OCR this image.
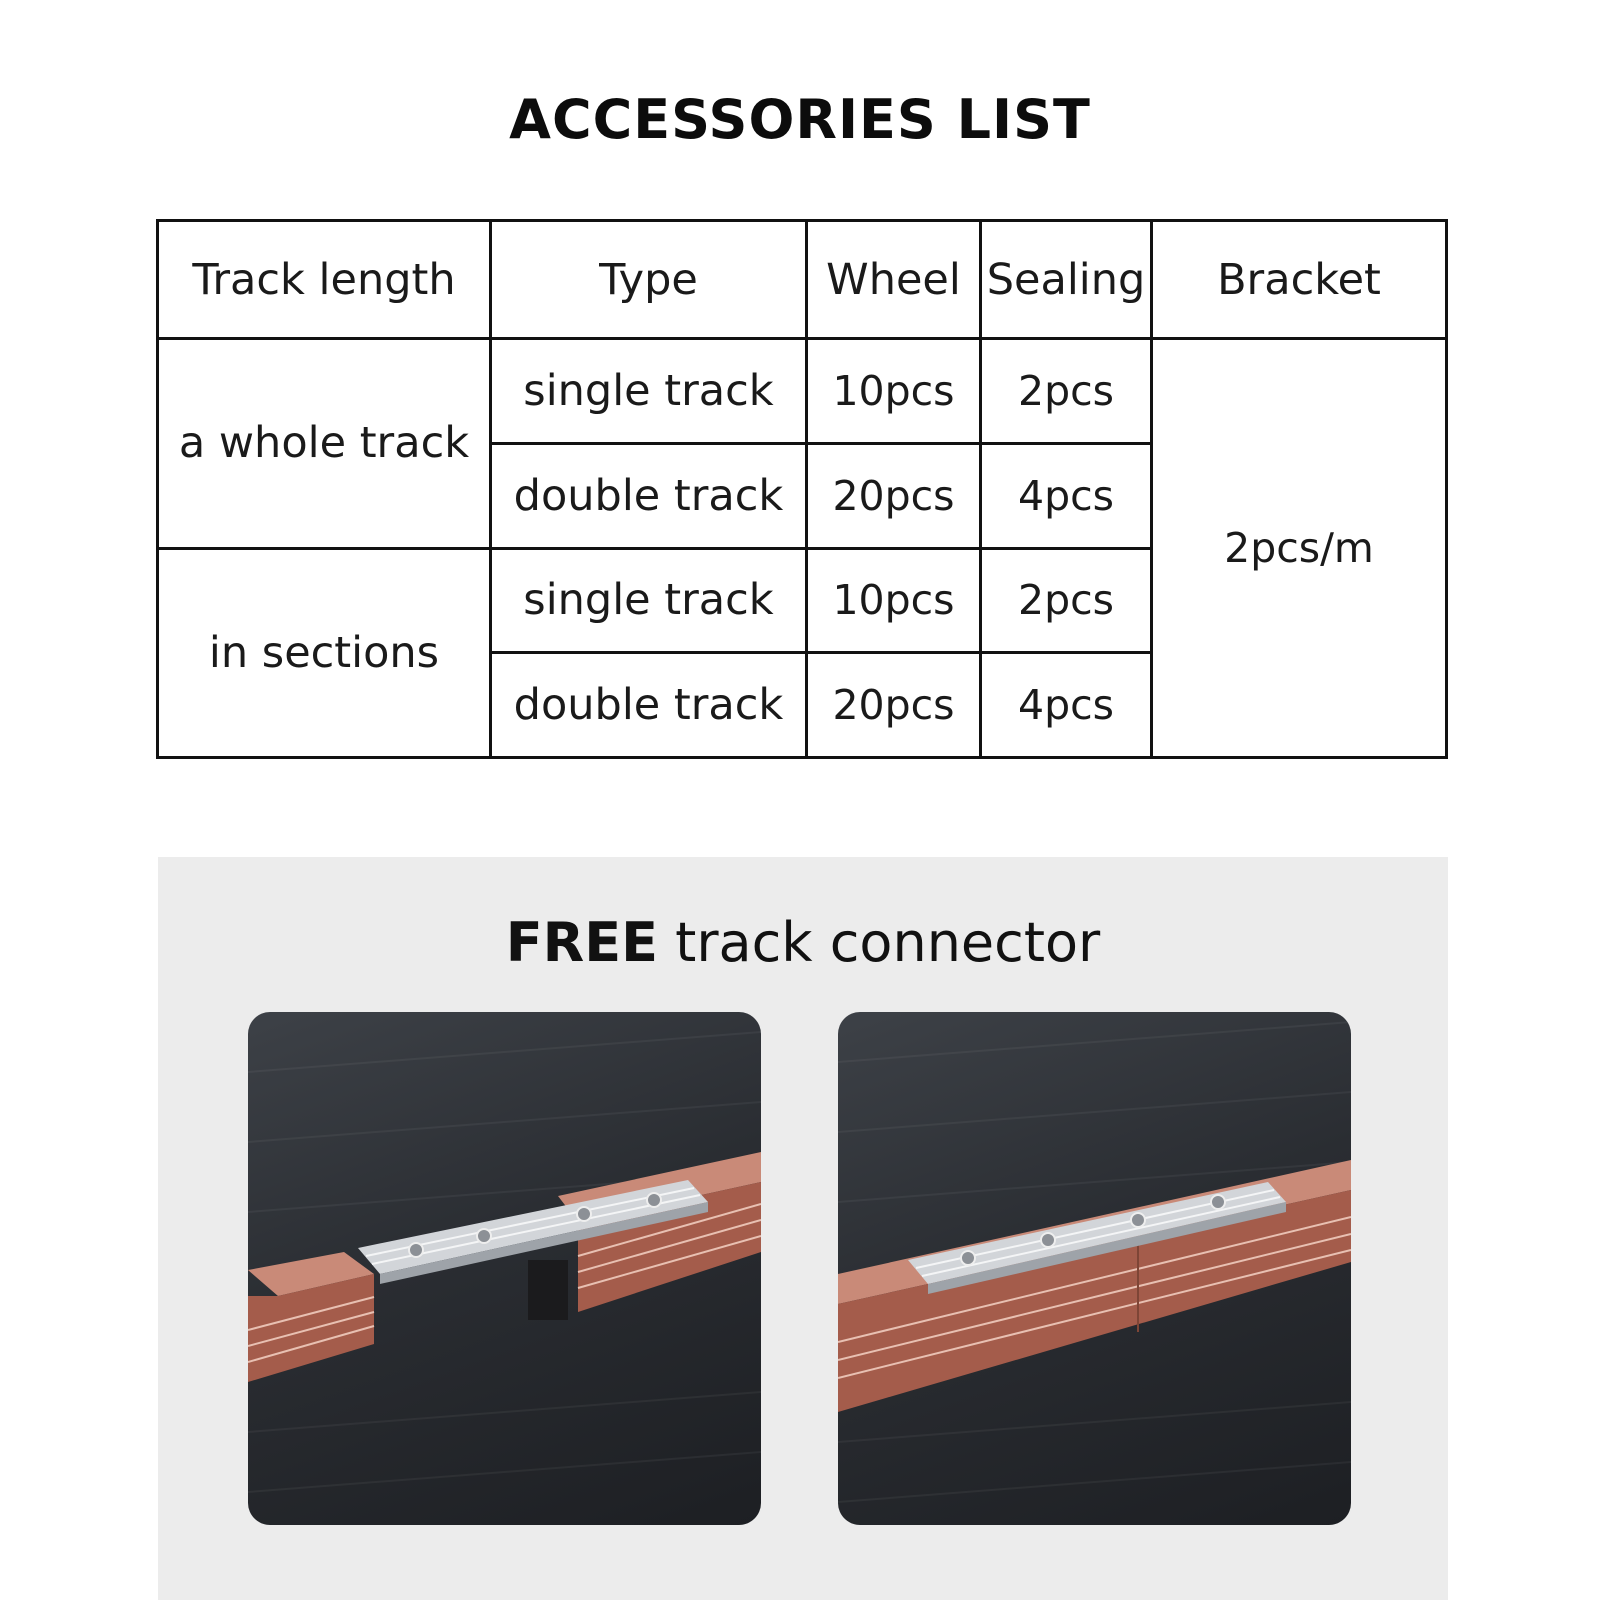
ACCESSORIES LIST
Track length	Type	Wheel	Sealing	Bracket
a whole track	single track	10pcs	2pcs	2pcs/m
	double track	20pcs	4pcs	
in sections	single track	10pcs	2pcs	
	double track	20pcs	4pcs	
FREE track connector
